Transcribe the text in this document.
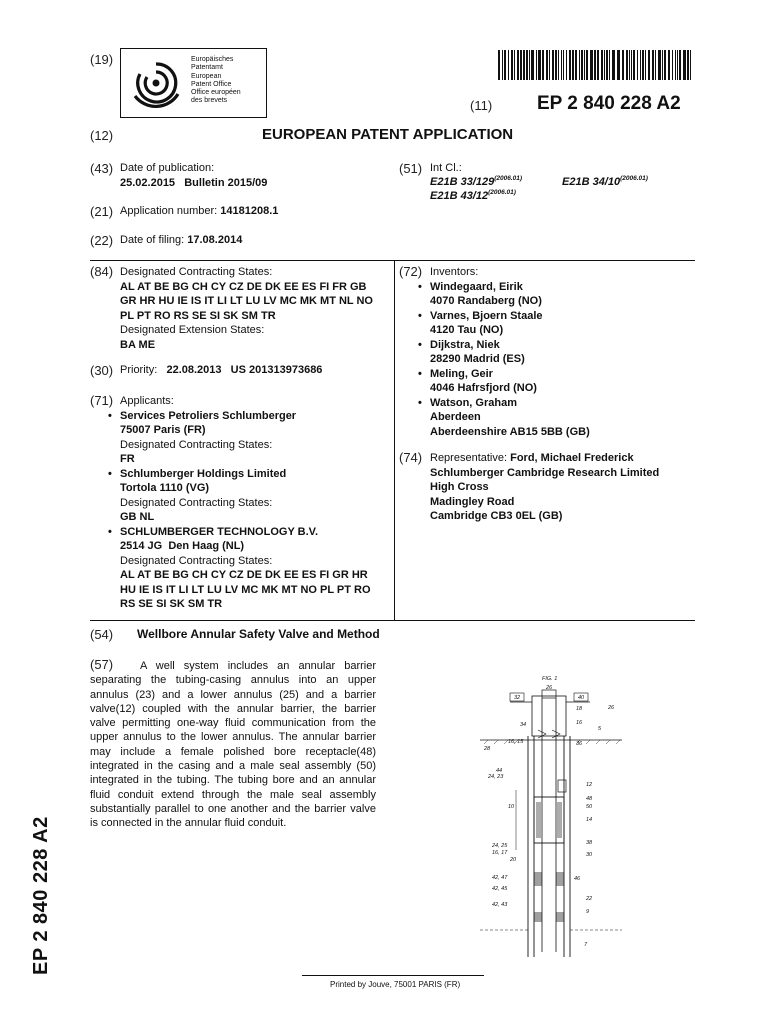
(19)	Europäisches
Patentamt
European
Patent Office
Office européen
des brevets	(11) EP 2 840 228 A2
(12)	EUROPEAN PATENT APPLICATION
(43) Date of publication:
25.02.2015   Bulletin 2015/09
(21) Application number: 14181208.1
(22) Date of filing: 17.08.2014
(51) Int Cl.:
E21B $33/129^{(2006.01)}$	E21B $34/10^{(2006.01)}$
E21B $43/12^{(2006.01)}$
(84) Designated Contracting States:
AL AT BE BG CH CY CZ DE DK EE ES FI FR GB
GR HR HU IE IS IT LI LT LU LV MC MK MT NL NO
PL PT RO RS SE SI SK SM TR
Designated Extension States:
BA ME
(30) Priority: 22.08.2013   US 201313973686
(71) Applicants:
• Services Petroliers Schlumberger
75007 Paris (FR)
Designated Contracting States:
FR
• Schlumberger Holdings Limited
Tortola 1110 (VG)
Designated Contracting States:
GB NL
• SCHLUMBERGER TECHNOLOGY B.V.
2514 JG  Den Haag (NL)
Designated Contracting States:
AL AT BE BG CH CY CZ DE DK EE ES FI GR HR
HU IE IS IT LI LT LU LV MC MK MT NO PL PT RO
RS SE SI SK SM TR
(72) Inventors:
• Windegaard, Eirik
4070 Randaberg (NO)
• Varnes, Bjoern Staale
4120 Tau (NO)
• Dijkstra, Niek
28290 Madrid (ES)
• Meling, Geir
4046 Hafrsfjord (NO)
• Watson, Graham
Aberdeen
Aberdeenshire AB15 5BB (GB)
(74) Representative: Ford, Michael Frederick
Schlumberger Cambridge Research Limited
High Cross
Madingley Road
Cambridge CB3 0EL (GB)
(54) Wellbore Annular Safety Valve and Method
(57)	A well system includes an annular barrier separating the tubing-casing annulus into an upper annulus (23) and a lower annulus (25) and a barrier valve(12) coupled with the annular barrier, the barrier valve permitting one-way fluid communication from the upper annulus to the lower annulus. The annular barrier may include a female polished bore receptacle(48) integrated in the casing and a male seal assembly (50) integrated in the tubing. The tubing bore and an annular fluid conduit extend through the male seal assembly substantially parallel to one another and the barrier valve is connected in the annular fluid conduit.
FIG. 1
32
26
40
18	26
34	16
5
16, 15	36
28
44
24, 23
12
48
50
10
14
38
24, 25
16, 17	30
20
42, 47	46
42, 45
22
42, 43
9
7
EP 2 840 228 A2
Printed by Jouve, 75001 PARIS (FR)
